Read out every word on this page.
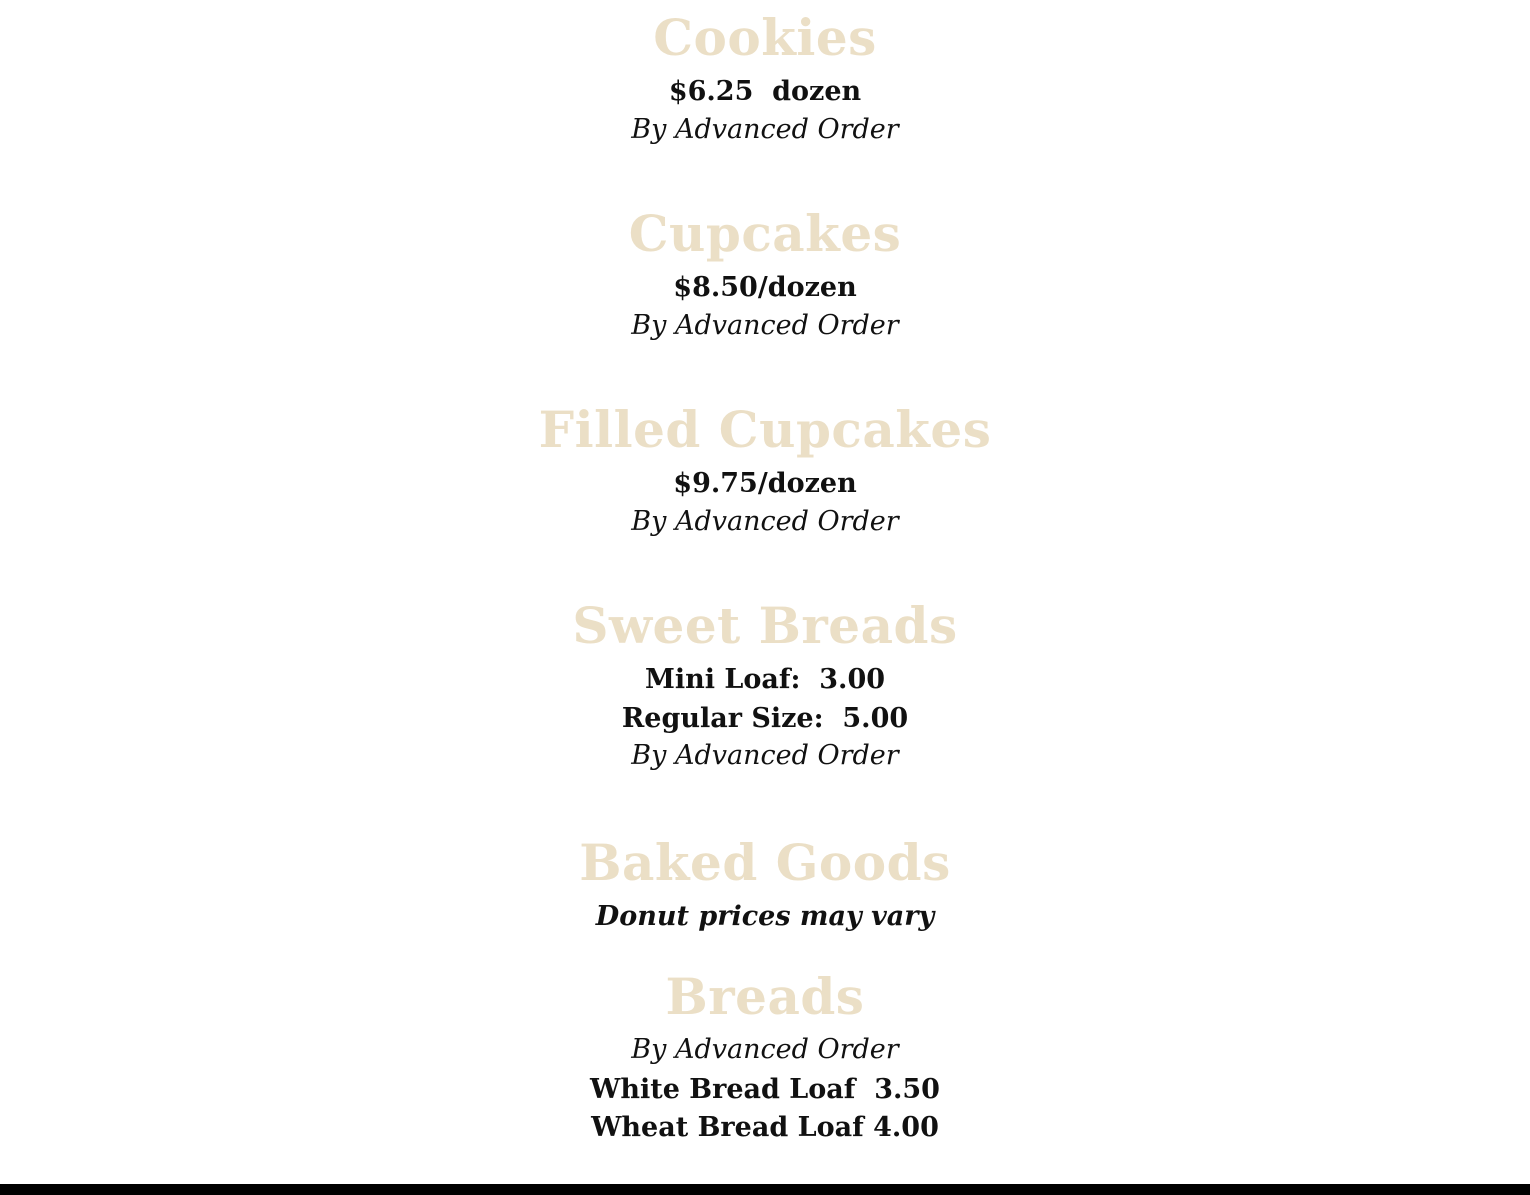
Cookies
$6.25  dozen
By Advanced Order
Cupcakes
$8.50/dozen
By Advanced Order
Filled Cupcakes
$9.75/dozen
By Advanced Order
Sweet Breads
Mini Loaf:  3.00
Regular Size:  5.00
By Advanced Order
Baked Goods
Donut prices may vary
Breads
By Advanced Order
White Bread Loaf  3.50
Wheat Bread Loaf 4.00
